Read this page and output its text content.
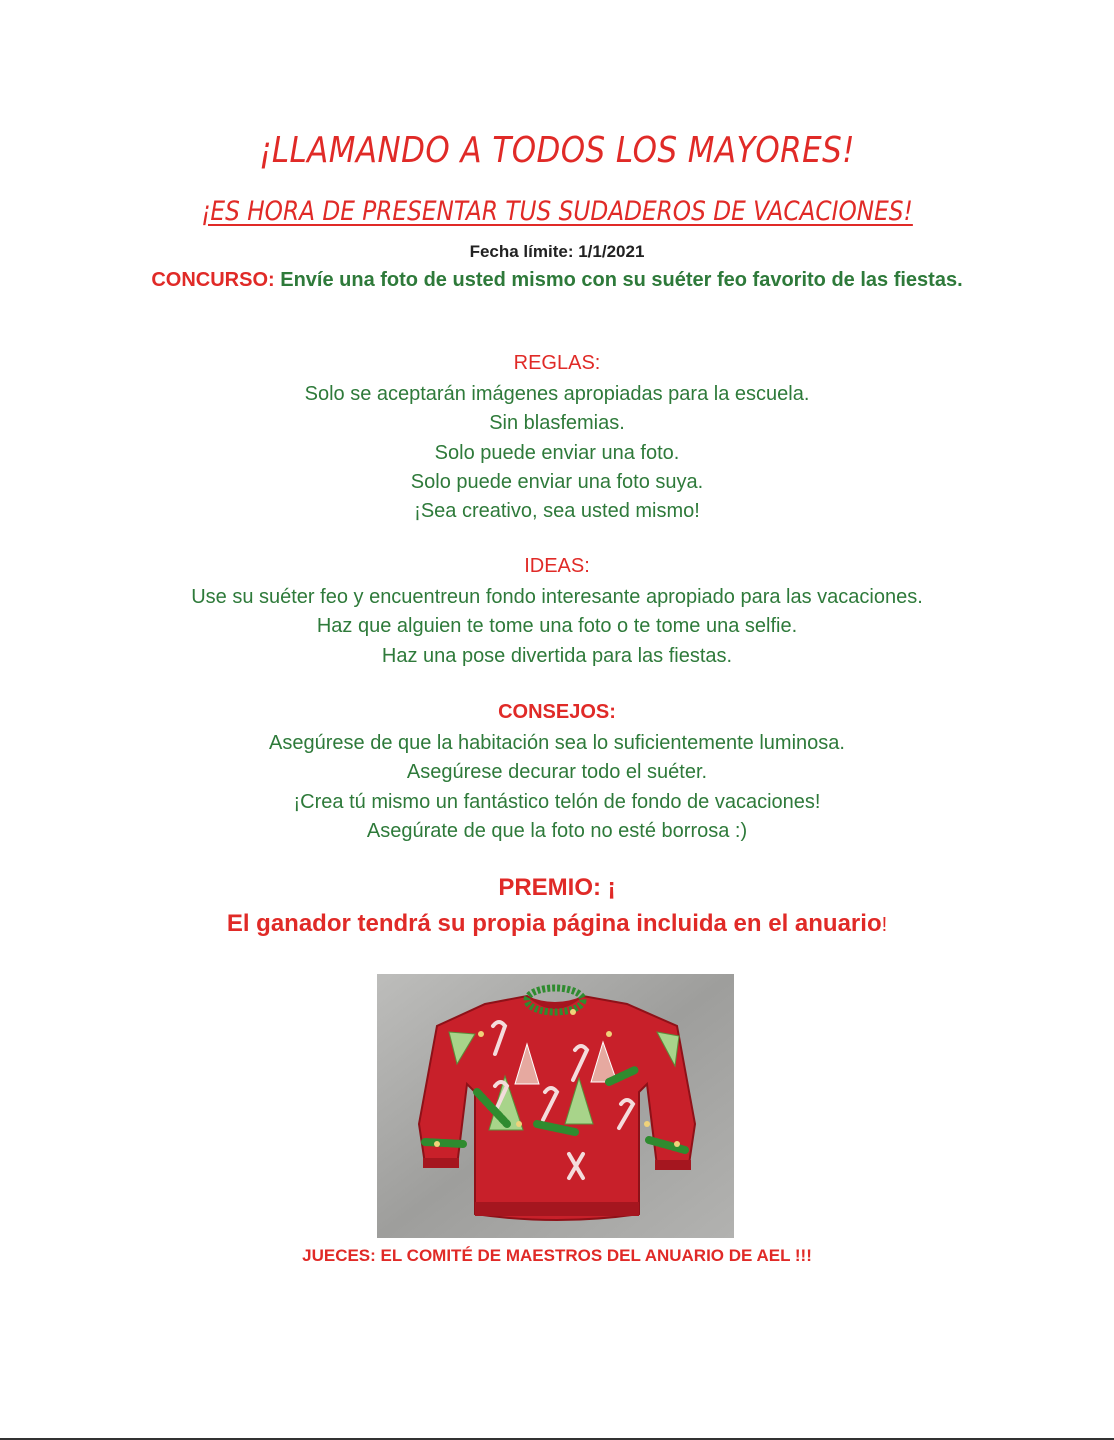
¡LLAMANDO A TODOS LOS MAYORES!
¡ES HORA DE PRESENTAR TUS SUDADEROS DE VACACIONES!
Fecha límite: 1/1/2021
CONCURSO: Envíe una foto de usted mismo con su suéter feo favorito de las fiestas.
REGLAS:
Solo se aceptarán imágenes apropiadas para la escuela.
Sin blasfemias.
Solo puede enviar una foto.
Solo puede enviar una foto suya.
¡Sea creativo, sea usted mismo!
IDEAS:
Use su suéter feo y encuentreun fondo interesante apropiado para las vacaciones.
Haz que alguien te tome una foto o te tome una selfie.
Haz una pose divertida para las fiestas.
CONSEJOS:
Asegúrese de que la habitación sea lo suficientemente luminosa.
Asegúrese decurar todo el suéter.
¡Crea tú mismo un fantástico telón de fondo de vacaciones!
Asegúrate de que la foto no esté borrosa :)
PREMIO: ¡
El ganador tendrá su propia página incluida en el anuario!
JUECES: EL COMITÉ DE MAESTROS DEL ANUARIO DE AEL !!!
